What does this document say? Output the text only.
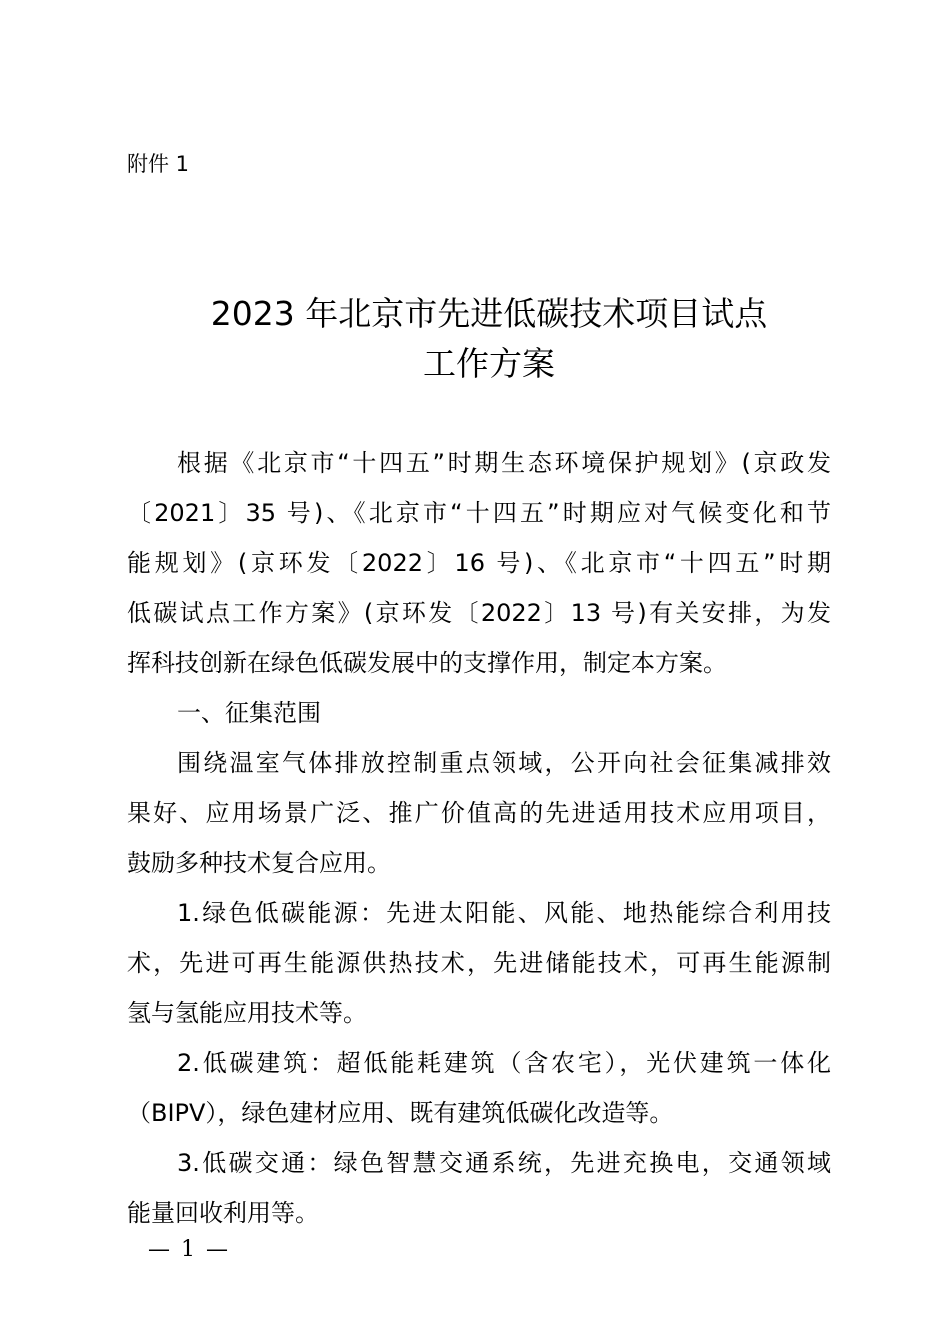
附件 1
2023 年北京市先进低碳技术项目试点
工作方案
根据《北京市“十四五”时期生态环境保护规划》(京政发
〔2021〕35 号)、《北京市“十四五”时期应对气候变化和节
能规划》(京环发〔2022〕16 号)、《北京市“十四五”时期
低碳试点工作方案》(京环发〔2022〕13 号)有关安排，为发
挥科技创新在绿色低碳发展中的支撑作用，制定本方案。
一、征集范围
围绕温室气体排放控制重点领域，公开向社会征集减排效
果好、应用场景广泛、推广价值高的先进适用技术应用项目，
鼓励多种技术复合应用。
1.绿色低碳能源：先进太阳能、风能、地热能综合利用技
术，先进可再生能源供热技术，先进储能技术，可再生能源制
氢与氢能应用技术等。
2.低碳建筑：超低能耗建筑（含农宅），光伏建筑一体化
（BIPV），绿色建材应用、既有建筑低碳化改造等。
3.低碳交通：绿色智慧交通系统，先进充换电，交通领域
能量回收利用等。
— 1 —
